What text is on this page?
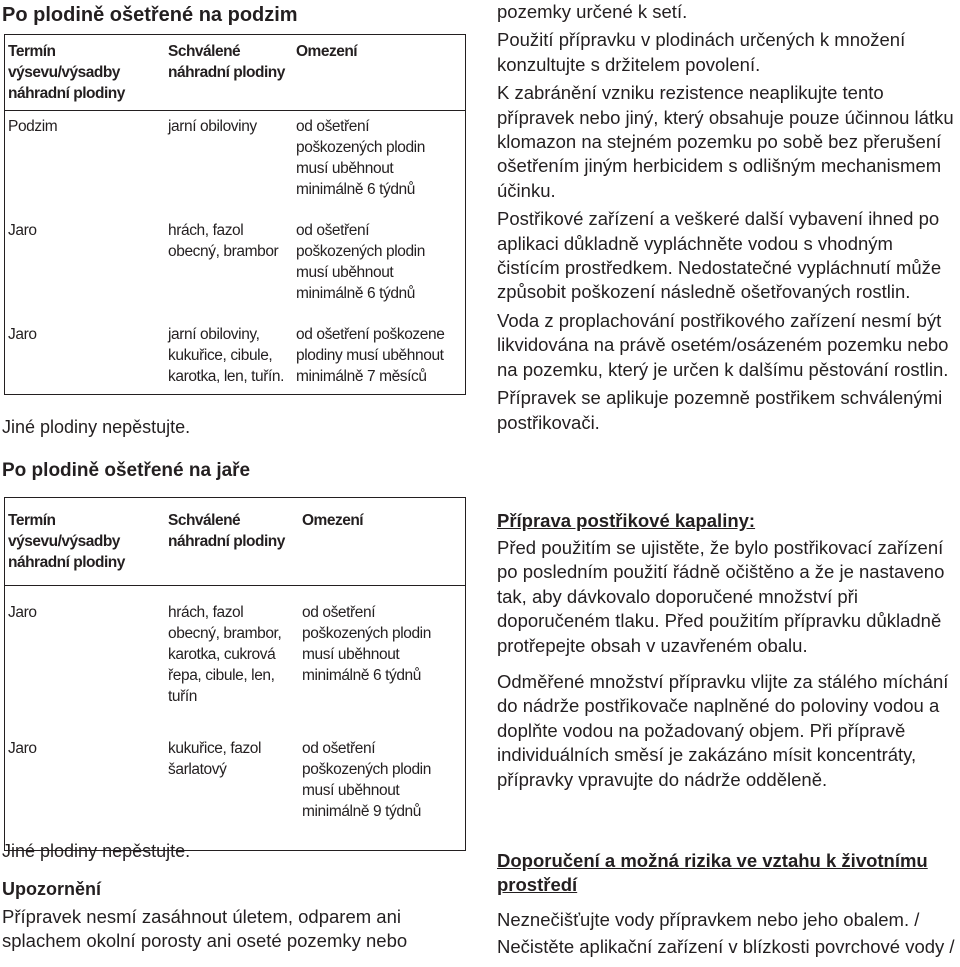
Po plodině ošetřené na podzim
Termín výsevu/výsadby náhradní plodiny	Schválené náhradní plodiny	Omezení
Podzim	jarní obiloviny	od ošetření poškozených plodin musí uběhnout minimálně 6 týdnů
Jaro	hrách, fazol obecný, brambor	od ošetření poškozených plodin musí uběhnout minimálně 6 týdnů
Jaro	jarní obiloviny, kukuřice, cibule, karotka, len, tuřín.	od ošetření poškozene plodiny musí uběhnout minimálně 7 měsíců

Jiné plodiny nepěstujte.

Po plodině ošetřené na jaře
Termín výsevu/výsadby náhradní plodiny	Schválené náhradní plodiny	Omezení
Jaro	hrách, fazol obecný, brambor, karotka, cukrová řepa, cibule, len, tuřín	od ošetření poškozených plodin musí uběhnout minimálně 6 týdnů
Jaro	kukuřice, fazol šarlatový	od ošetření poškozených plodin musí uběhnout minimálně 9 týdnů

Jiné plodiny nepěstujte.

Upozornění

Přípravek nesmí zasáhnout úletem, odparem ani splachem okolní porosty ani oseté pozemky nebo

pozemky určené k setí.

Použití přípravku v plodinách určených k množení konzultujte s držitelem povolení.

K zabránění vzniku rezistence neaplikujte tento přípravek nebo jiný, který obsahuje pouze účinnou látku klomazon na stejném pozemku po sobě bez přerušení ošetřením jiným herbicidem s odlišným mechanismem účinku.

Postřikové zařízení a veškeré další vybavení ihned po aplikaci důkladně vypláchněte vodou s vhodným čistícím prostředkem. Nedostatečné vypláchnutí může způsobit poškození následně ošetřovaných rostlin.

Voda z proplachování postřikového zařízení nesmí být likvidována na právě osetém/osázeném pozemku nebo na pozemku, který je určen k dalšímu pěstování rostlin.

Přípravek se aplikuje pozemně postřikem schválenými postřikovači.

Příprava postřikové kapaliny:

Před použitím se ujistěte, že bylo postřikovací zařízení po posledním použití řádně očištěno a že je nastaveno tak, aby dávkovalo doporučené množství při doporučeném tlaku. Před použitím přípravku důkladně protřepejte obsah v uzavřeném obalu.

Odměřené množství přípravku vlijte za stálého míchání do nádrže postřikovače naplněné do poloviny vodou a doplňte vodou na požadovaný objem. Při přípravě individuálních směsí je zakázáno mísit koncentráty, přípravky vpravujte do nádrže odděleně.

Doporučení a možná rizika ve vztahu k životnímu prostředí

Neznečišťujte vody přípravkem nebo jeho obalem. /

Nečistěte aplikační zařízení v blízkosti povrchové vody /
